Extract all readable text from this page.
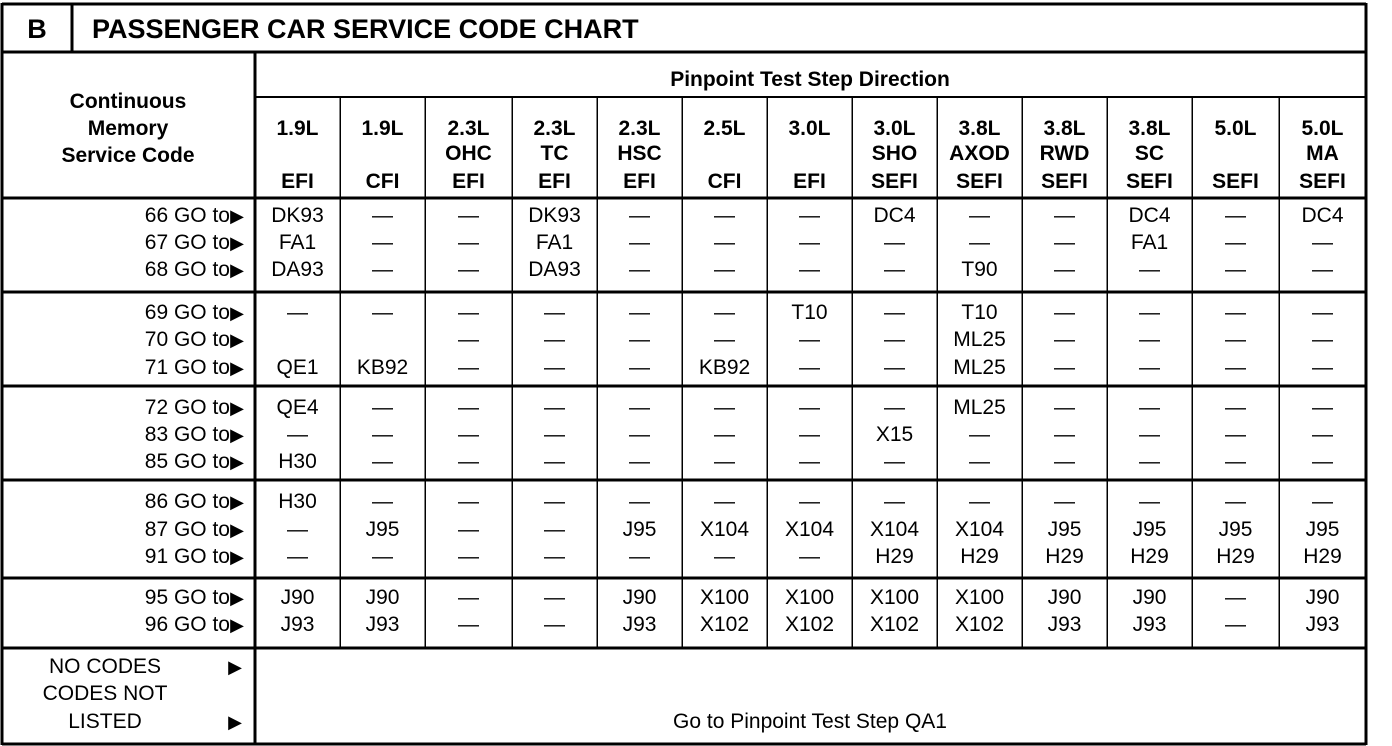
B PASSENGER CAR SERVICE CODE CHART
Continuous
Memory
Service Code
Pinpoint Test Step Direction
1.9L
EFI
1.9L
CFI
2.3L
OHC
EFI
2.3L
TC
EFI
2.3L
HSC
EFI
2.5L
CFI
3.0L
EFI
3.0L
SHO
SEFI
3.8L
AXOD
SEFI
3.8L
RWD
SEFI
3.8L
SC
SEFI
5.0L
SEFI
5.0L
MA
SEFI
66 GO to ▶
67 GO to ▶
68 GO to ▶
DK93
FA1
DA93
—
—
—
—
—
—
DK93
FA1
DA93
—
—
—
—
—
—
—
—
—
DC4
—
—
—
—
T90
—
—
—
DC4
FA1
—
—
—
—
DC4
—
—
69 GO to ▶
70 GO to ▶
71 GO to ▶
—
QE1
—
KB92
—
—
—
—
—
—
—
—
—
—
—
KB92
T10
—
—
—
—
—
T10
ML25
ML25
—
—
—
—
—
—
—
—
—
—
—
—
72 GO to ▶
83 GO to ▶
85 GO to ▶
QE4
—
H30
—
—
—
—
—
—
—
—
—
—
—
—
—
—
—
—
—
—
—
X15
—
ML25
—
—
—
—
—
—
—
—
—
—
—
—
—
—
86 GO to ▶
87 GO to ▶
91 GO to ▶
H30
—
—
—
J95
—
—
—
—
—
—
—
—
J95
—
—
X104
—
—
X104
—
—
X104
H29
—
X104
H29
—
J95
H29
—
J95
H29
—
J95
H29
—
J95
H29
95 GO to ▶
96 GO to ▶
J90
J93
J90
J93
—
—
—
—
J90
J93
X100
X102
X100
X102
X100
X102
X100
X102
J90
J93
J90
J93
—
—
J90
J93
NO CODES
CODES NOT
LISTED
▶
▶	Go to Pinpoint Test Step QA1
